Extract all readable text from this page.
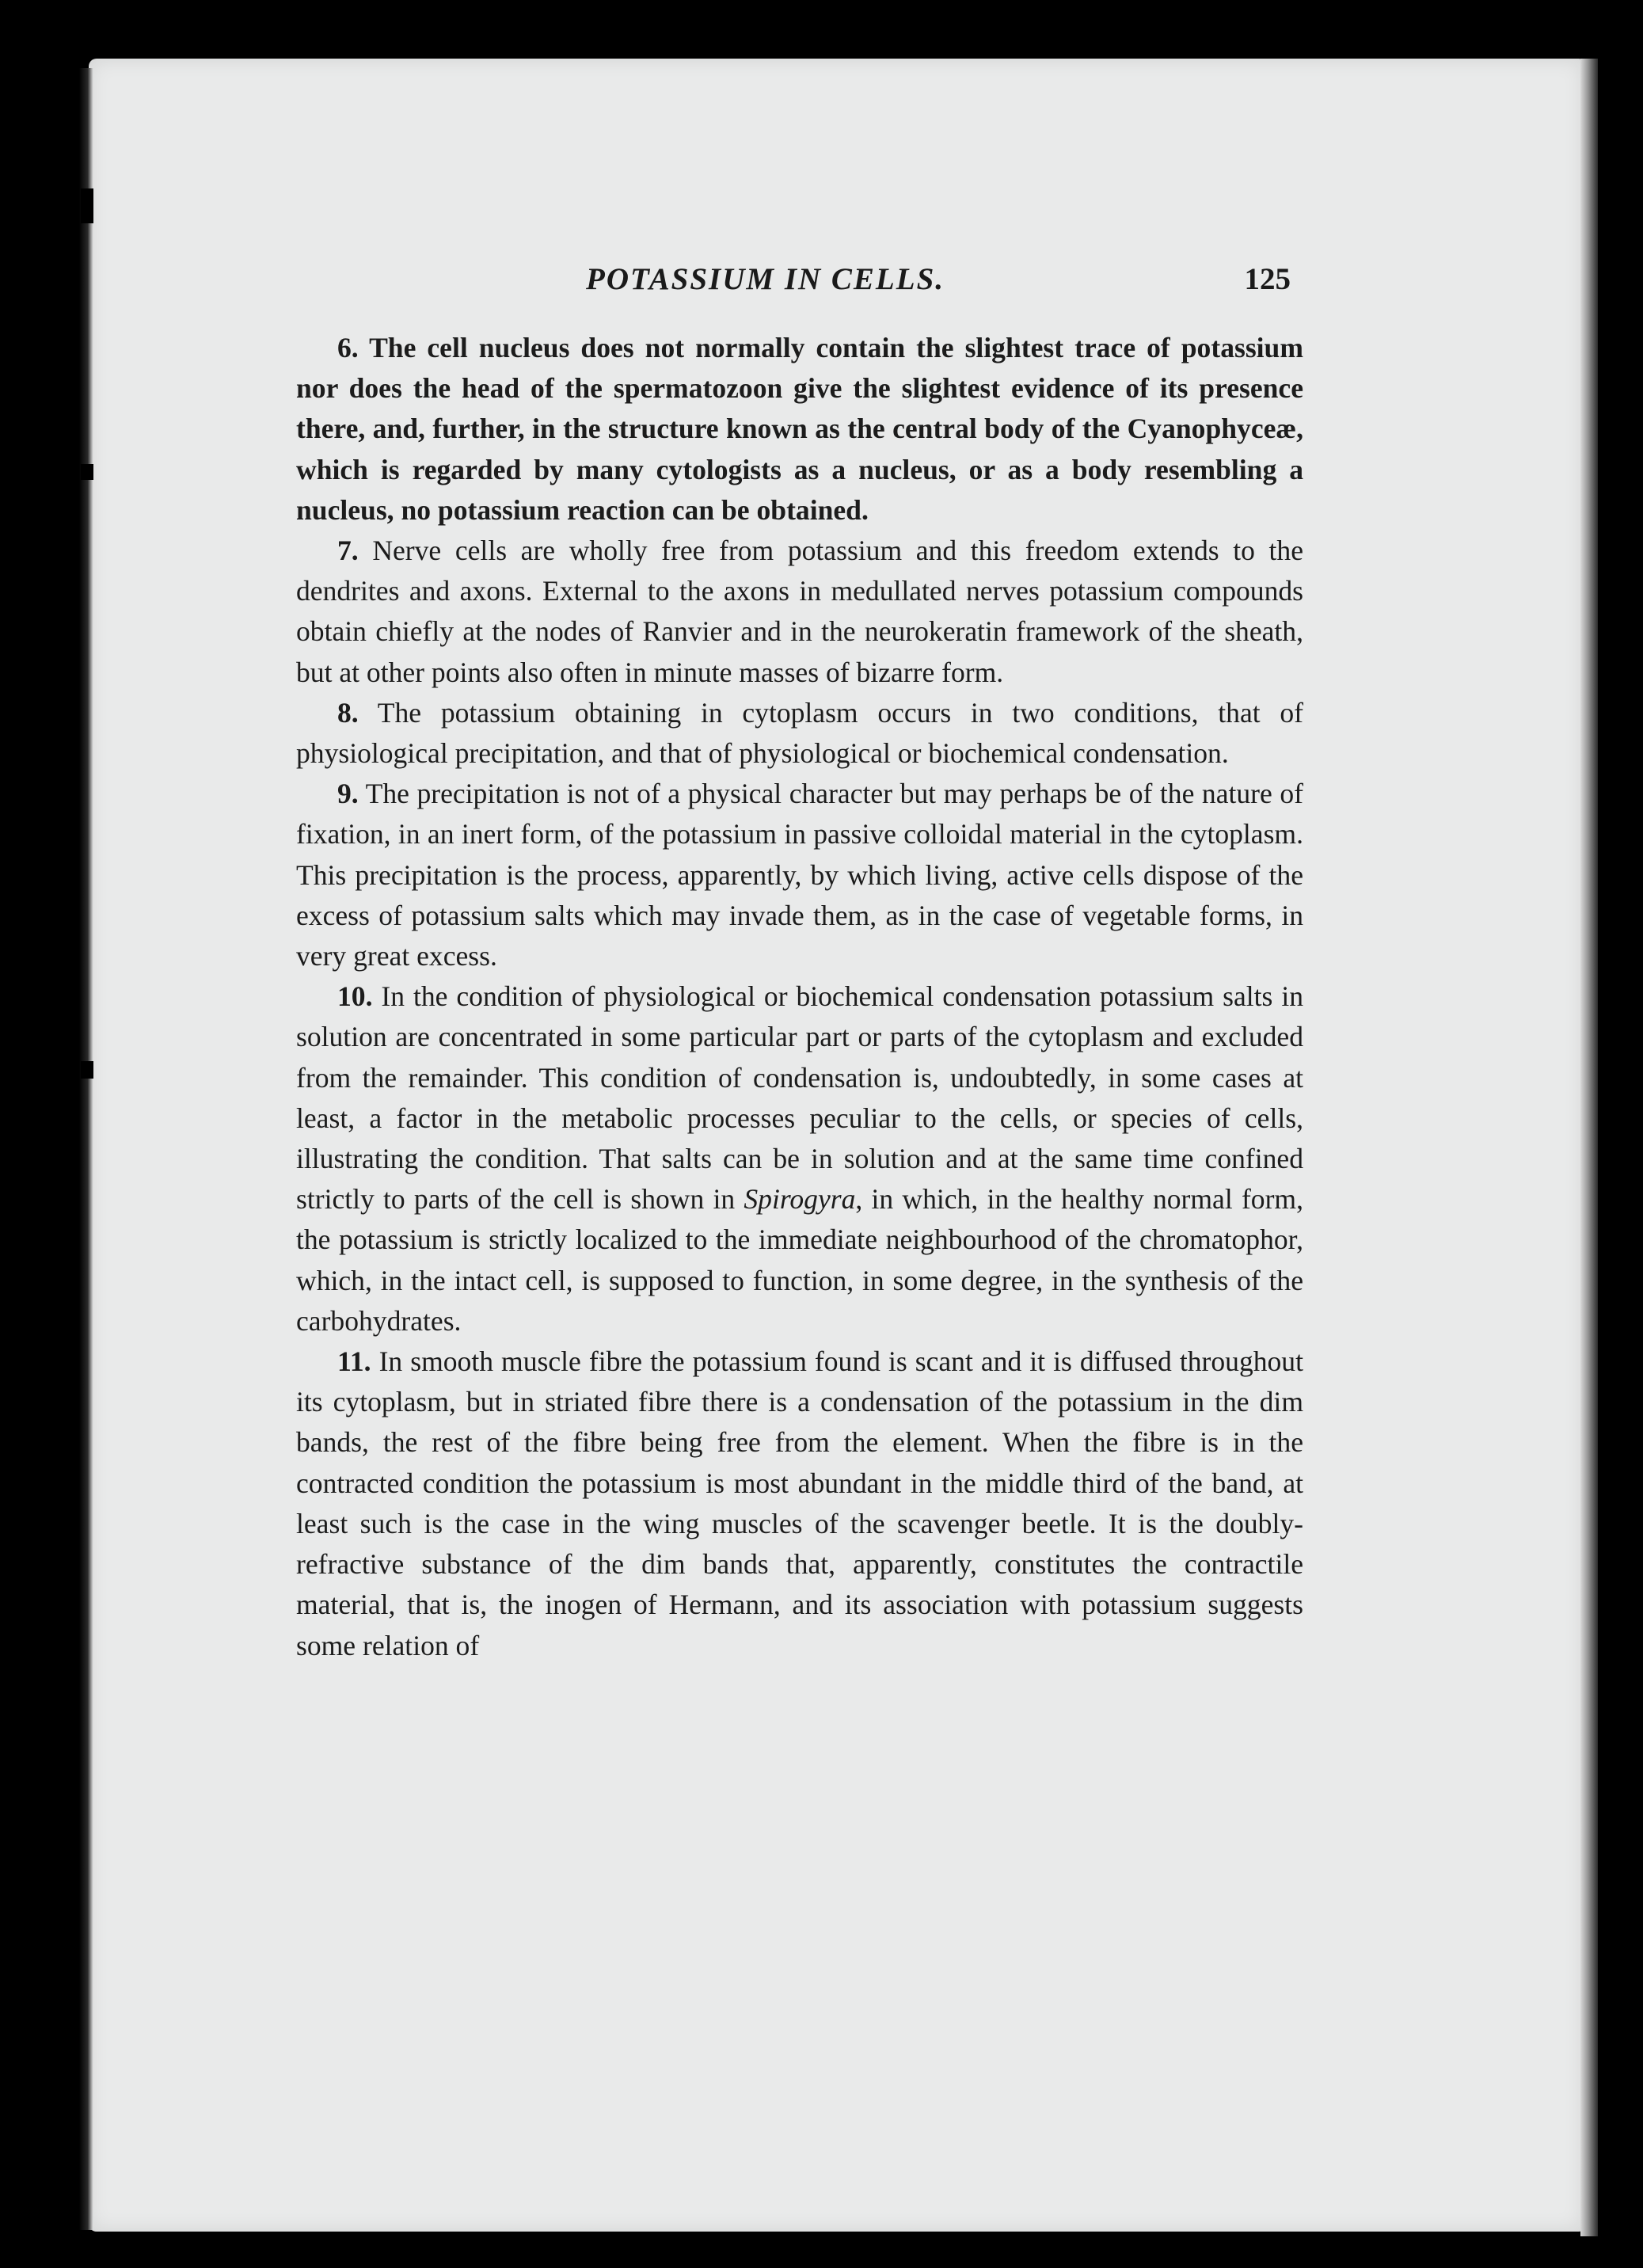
POTASSIUM IN CELLS.	125

6. The cell nucleus does not normally contain the slightest trace of potassium nor does the head of the spermatozoon give the slightest evidence of its presence there, and, further, in the structure known as the central body of the Cyanophyceæ, which is regarded by many cytologists as a nucleus, or as a body resembling a nucleus, no potassium reaction can be obtained.

7. Nerve cells are wholly free from potassium and this freedom extends to the dendrites and axons. External to the axons in medullated nerves potassium compounds obtain chiefly at the nodes of Ranvier and in the neurokeratin framework of the sheath, but at other points also often in minute masses of bizarre form.

8. The potassium obtaining in cytoplasm occurs in two conditions, that of physiological precipitation, and that of physiological or biochemical condensation.

9. The precipitation is not of a physical character but may perhaps be of the nature of fixation, in an inert form, of the potassium in passive colloidal material in the cytoplasm. This precipitation is the process, apparently, by which living, active cells dispose of the excess of potassium salts which may invade them, as in the case of vegetable forms, in very great excess.

10. In the condition of physiological or biochemical condensation potassium salts in solution are concentrated in some particular part or parts of the cytoplasm and excluded from the remainder. This condition of condensation is, undoubtedly, in some cases at least, a factor in the metabolic processes peculiar to the cells, or species of cells, illustrating the condition. That salts can be in solution and at the same time confined strictly to parts of the cell is shown in Spirogyra, in which, in the healthy normal form, the potassium is strictly localized to the immediate neighbourhood of the chromatophor, which, in the intact cell, is supposed to function, in some degree, in the synthesis of the carbohydrates.

11. In smooth muscle fibre the potassium found is scant and it is diffused throughout its cytoplasm, but in striated fibre there is a condensation of the potassium in the dim bands, the rest of the fibre being free from the element. When the fibre is in the contracted condition the potassium is most abundant in the middle third of the band, at least such is the case in the wing muscles of the scavenger beetle. It is the doubly-refractive substance of the dim bands that, apparently, constitutes the contractile material, that is, the inogen of Hermann, and its association with potassium suggests some relation of
